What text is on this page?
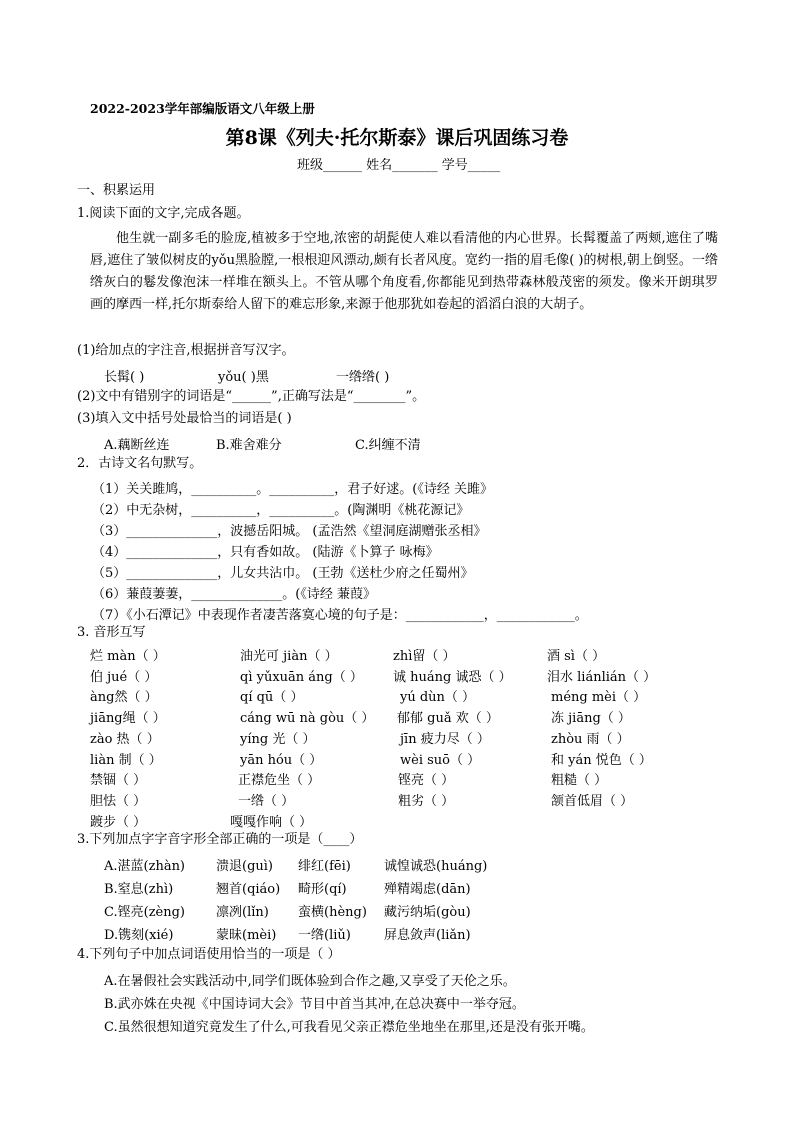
2022-2023学年部编版语文八年级上册
第8课《列夫·托尔斯泰》课后巩固练习卷
班级______ 姓名_______ 学号_____
一、积累运用
1.阅读下面的文字,完成各题。
他生就一副多毛的脸庞,植被多于空地,浓密的胡髭使人难以看清他的内心世界。长髯覆盖了两颊,遮住了嘴唇,遮住了皱似树皮的yǒu黑脸膛,一根根迎风漂动,颇有长者风度。宽约一指的眉毛像( )的树根,朝上倒竖。一绺绺灰白的鬈发像泡沫一样堆在额头上。不管从哪个角度看,你都能见到热带森林般茂密的须发。像米开朗琪罗画的摩西一样,托尔斯泰给人留下的难忘形象,来源于他那犹如卷起的滔滔白浪的大胡子。
(1)给加点的字注音,根据拼音写汉字。
长髯( )	yǒu( )黑	一绺绺( )
(2)文中有错别字的词语是“______”,正确写法是“________”。
(3)填入文中括号处最恰当的词语是( )
A.藕断丝连	B.难舍难分	C.纠缠不清
2．古诗文名句默写。
（1）关关雎鸠，__________。__________，君子好逑。(《诗经 关雎》
（2）中无杂树，__________，__________。(陶渊明《桃花源记》
（3）______________，波撼岳阳城。 (孟浩然《望洞庭湖赠张丞相》
（4）______________，只有香如故。 (陆游《卜算子 咏梅》
（5）______________，儿女共沾巾。 (王勃《送杜少府之任蜀州》
（6）蒹葭萋萋，______________。(《诗经 蒹葭》
（7）《小石潭记》中表现作者凄苦落寞心境的句子是：____________，____________。
3. 音形互写
烂 màn（ ）	油光可 jiàn（ ）	zhì留（ ）	酒 sì（ ）
伯 jué（ ）	qì yǔxuān áng（ ） 诚 huáng 诚恐（ ）	泪水 liánlián（ ）
àng然（ ）	qí qū（ ）	yú dùn（ ）	méng mèi（ ）
jiāng绳（ ）	cáng wū nà gòu（ ） 郁郁 guǎ 欢（ ）	冻 jiāng（ ）
zào 热（ ）	yíng 光（ ）	jīn 疲力尽（ ）	zhòu 雨（ ）
liàn 制（ ）	yān hóu（ ）	wèi suō（ ）	和 yán 悦色（ ）
禁锢（ ）	正襟危坐（ ）	铿亮（ ）	粗糙（ ）
胆怯（ ）	一绺（ ）	粗劣（ ）	颔首低眉（ ）
踱步（ ）	嘎嘎作响（ ）
3.下列加点字字音字形全部正确的一项是（____）
A.湛蓝(zhàn) 溃退(guì) 绯红(fēi)	诚惶诚恐(huáng)
B.窒息(zhì)	翘首(qiáo) 畸形(qí)	殚精竭虑(dān)
C.铿亮(zèng) 凛冽(lǐn) 蛮横(hèng) 藏污纳垢(gòu)
D.镌刻(xié)	蒙昧(mèi) 一绺(liǔ)	屏息敛声(liǎn)
4.下列句子中加点词语使用恰当的一项是（ ）
A.在暑假社会实践活动中,同学们既体验到合作之趣,又享受了天伦之乐。
B.武亦姝在央视《中国诗词大会》节目中首当其冲,在总决赛中一举夺冠。
C.虽然很想知道究竟发生了什么,可我看见父亲正襟危坐地坐在那里,还是没有张开嘴。
